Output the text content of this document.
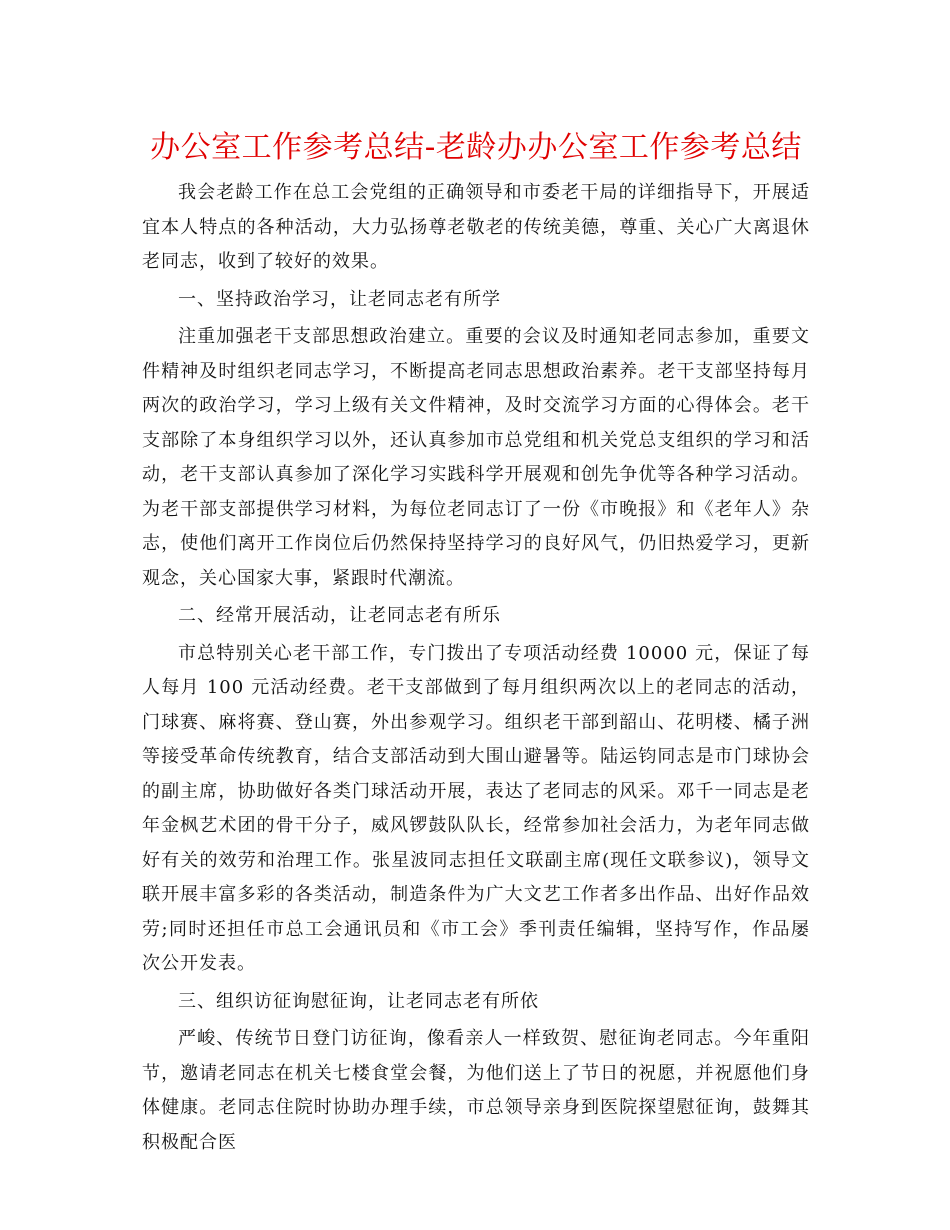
办公室工作参考总结-老龄办办公室工作参考总结

我会老龄工作在总工会党组的正确领导和市委老干局的详细指导下，开展适宜本人特点的各种活动，大力弘扬尊老敬老的传统美德，尊重、关心广大离退休老同志，收到了较好的效果。

一、坚持政治学习，让老同志老有所学

注重加强老干支部思想政治建立。重要的会议及时通知老同志参加，重要文件精神及时组织老同志学习，不断提高老同志思想政治素养。老干支部坚持每月两次的政治学习，学习上级有关文件精神，及时交流学习方面的心得体会。老干支部除了本身组织学习以外，还认真参加市总党组和机关党总支组织的学习和活动，老干支部认真参加了深化学习实践科学开展观和创先争优等各种学习活动。为老干部支部提供学习材料，为每位老同志订了一份《市晚报》和《老年人》杂志，使他们离开工作岗位后仍然保持坚持学习的良好风气，仍旧热爱学习，更新观念，关心国家大事，紧跟时代潮流。

二、经常开展活动，让老同志老有所乐

市总特别关心老干部工作，专门拨出了专项活动经费 10000 元，保证了每人每月 100 元活动经费。老干支部做到了每月组织两次以上的老同志的活动，门球赛、麻将赛、登山赛，外出参观学习。组织老干部到韶山、花明楼、橘子洲等接受革命传统教育，结合支部活动到大围山避暑等。陆运钧同志是市门球协会的副主席，协助做好各类门球活动开展，表达了老同志的风采。邓千一同志是老年金枫艺术团的骨干分子，威风锣鼓队队长，经常参加社会活力，为老年同志做好有关的效劳和治理工作。张星波同志担任文联副主席(现任文联参议)，领导文联开展丰富多彩的各类活动，制造条件为广大文艺工作者多出作品、出好作品效劳;同时还担任市总工会通讯员和《市工会》季刊责任编辑，坚持写作，作品屡次公开发表。

三、组织访征询慰征询，让老同志老有所依

严峻、传统节日登门访征询，像看亲人一样致贺、慰征询老同志。今年重阳节，邀请老同志在机关七楼食堂会餐，为他们送上了节日的祝愿，并祝愿他们身体健康。老同志住院时协助办理手续，市总领导亲身到医院探望慰征询，鼓舞其积极配合医
